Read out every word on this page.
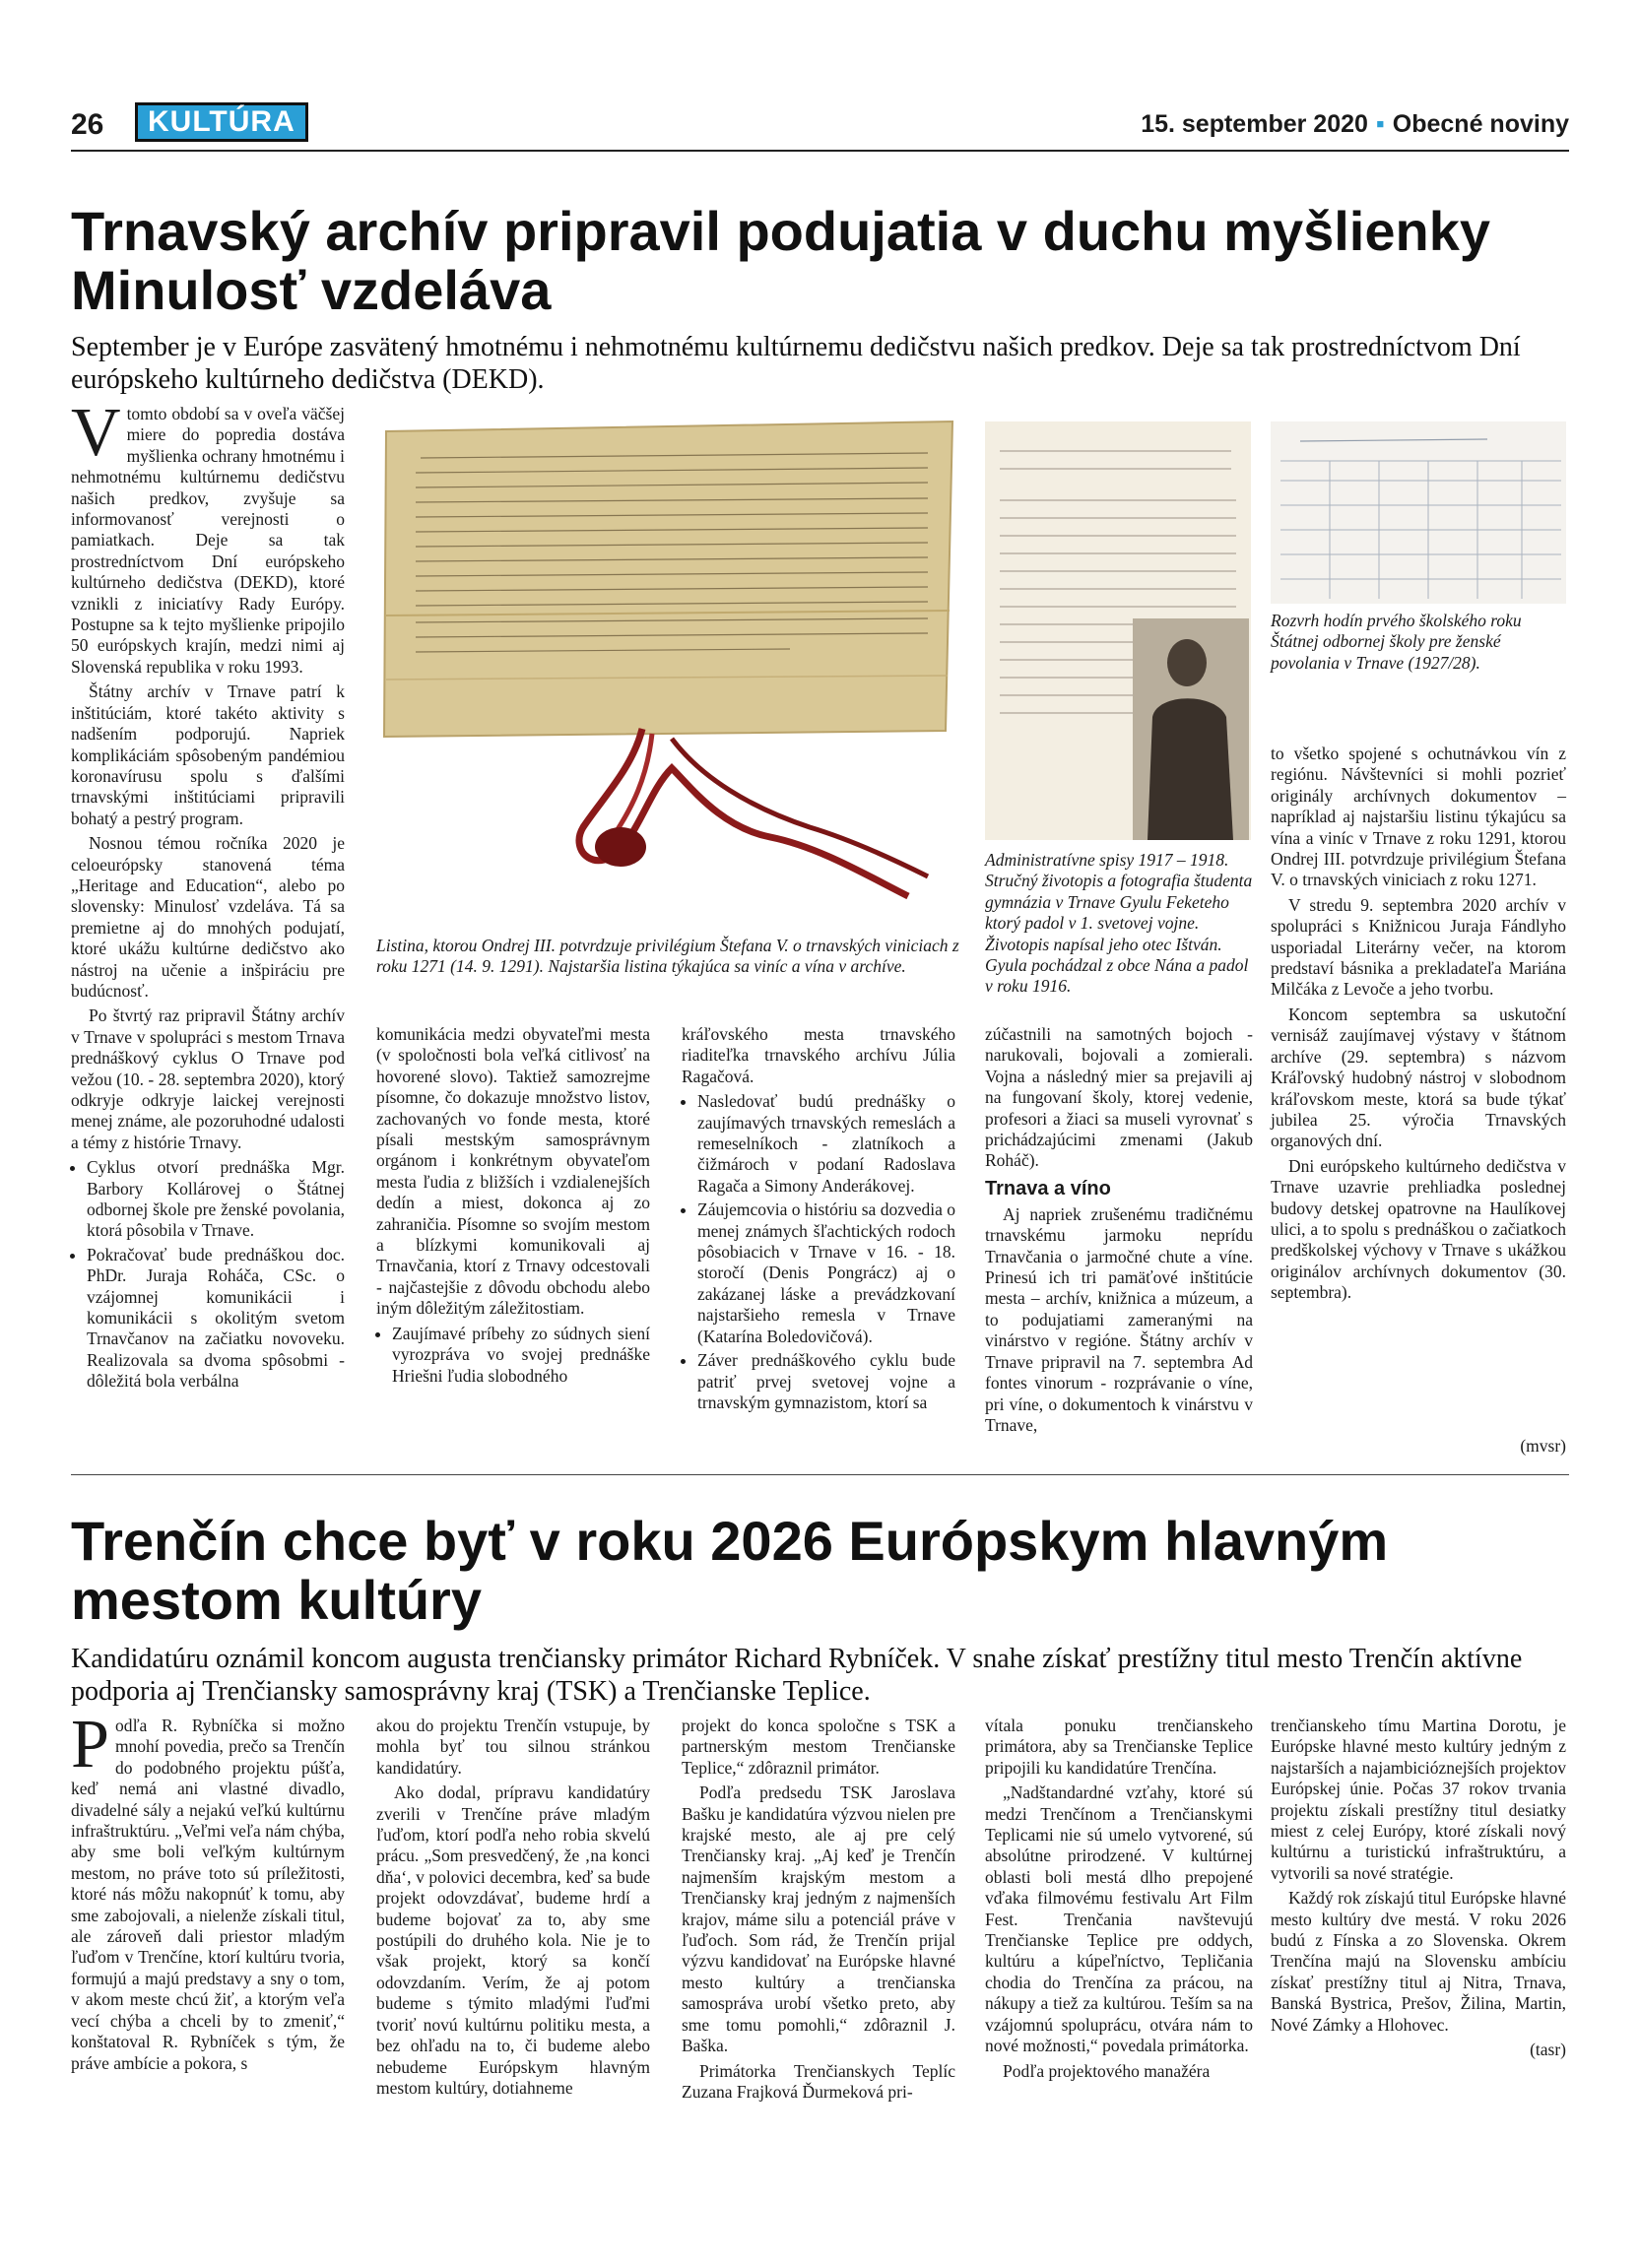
26	KULTÚRA	15. september 2020 ▪ Obecné noviny
Trnavský archív pripravil podujatia v duchu myšlienky
Minulosť vzdeláva
September je v Európe zasvätený hmotnému i nehmotnému kultúrnemu dedičstvu našich predkov. Deje sa tak prostredníctvom Dní európskeho kultúrneho dedičstva (DEKD).

Vtomto období sa v oveľa väčšej miere do popredia dostáva myšlienka ochrany hmotnému i nehmotnému kultúrnemu dedičstvu našich predkov, zvyšuje sa informovanosť verejnosti o pamiatkach. Deje sa tak prostredníctvom Dní európskeho kultúrneho dedičstva (DEKD), ktoré vznikli z iniciatívy Rady Európy. Postupne sa k tejto myšlienke pripojilo 50 európskych krajín, medzi nimi aj Slovenská republika v roku 1993.

Štátny archív v Trnave patrí k inštitúciám, ktoré takéto aktivity s nadšením podporujú. Napriek komplikáciám spôsobeným pandémiou koronavírusu spolu s ďalšími trnavskými inštitúciami pripravili bohatý a pestrý program.

Nosnou témou ročníka 2020 je celoeurópsky stanovená téma „Heritage and Education“, alebo po slovensky: Minulosť vzdeláva. Tá sa premietne aj do mnohých podujatí, ktoré ukážu kultúrne dedičstvo ako nástroj na učenie a inšpiráciu pre budúcnosť.

Po štvrtý raz pripravil Štátny archív v Trnave v spolupráci s mestom Trnava prednáškový cyklus O Trnave pod vežou (10. - 28. septembra 2020), ktorý odkryje odkryje laickej verejnosti menej známe, ale pozoruhodné udalosti a témy z histórie Trnavy.

• Cyklus otvorí prednáška Mgr. Barbory Kollárovej o Štátnej odbornej škole pre ženské povolania, ktorá pôsobila v Trnave.
• Pokračovať bude prednáškou doc. PhDr. Juraja Roháča, CSc. o vzájomnej komunikácii i komunikácii s okolitým svetom Trnavčanov na začiatku novoveku. Realizovala sa dvoma spôsobmi - dôležitá bola verbálna
Listina, ktorou Ondrej III. potvrdzuje privilégium Štefana V. o trnavských viniciach z roku 1271 (14. 9. 1291). Najstaršia listina týkajúca sa viníc a vína v archíve.
Administratívne spisy 1917 – 1918. Stručný životopis a fotografia študenta gymnázia v Trnave Gyulu Feketeho ktorý padol v 1. svetovej vojne. Životopis napísal jeho otec Ištván. Gyula pochádzal z obce Nána a padol v roku 1916.
Rozvrh hodín prvého školského roku Štátnej odbornej školy pre ženské povolania v Trnave (1927/28).

komunikácia medzi obyvateľmi mesta (v spoločnosti bola veľká citlivosť na hovorené slovo). Taktiež samozrejme písomne, čo dokazuje množstvo listov, zachovaných vo fonde mesta, ktoré písali mestským samosprávnym orgánom i konkrétnym obyvateľom mesta ľudia z bližších i vzdialenejších dedín a miest, dokonca aj zo zahraničia. Písomne so svojím mestom a blízkymi komunikovali aj Trnavčania, ktorí z Trnavy odcestovali - najčastejšie z dôvodu obchodu alebo iným dôležitým záležitostiam.

• Zaujímavé príbehy zo súdnych siení vyrozpráva vo svojej prednáške Hriešni ľudia slobodného

kráľovského mesta trnavského riaditeľka trnavského archívu Júlia Ragačová.

• Nasledovať budú prednášky o zaujímavých trnavských remeslách a remeselníkoch - zlatníkoch a čižmároch v podaní Radoslava Ragača a Simony Anderákovej.
• Záujemcovia o históriu sa dozvedia o menej známych šľachtických rodoch pôsobiacich v Trnave v 16. - 18. storočí (Denis Pongrácz) aj o zakázanej láske a prevádzkovaní najstaršieho remesla v Trnave (Katarína Boledovičová).
• Záver prednáškového cyklu bude patriť prvej svetovej vojne a trnavským gymnazistom, ktorí sa

zúčastnili na samotných bojoch - narukovali, bojovali a zomierali. Vojna a následný mier sa prejavili aj na fungovaní školy, ktorej vedenie, profesori a žiaci sa museli vyrovnať s prichádzajúcimi zmenami (Jakub Roháč).

Trnava a víno

Aj napriek zrušenému tradičnému trnavskému jarmoku neprídu Trnavčania o jarmočné chute a víne. Prinesú ich tri pamäťové inštitúcie mesta – archív, knižnica a múzeum, a to podujatiami zameranými na vinárstvo v regióne. Štátny archív v Trnave pripravil na 7. septembra Ad fontes vinorum - rozprávanie o víne, pri víne, o dokumentoch k vinárstvu v Trnave,

to všetko spojené s ochutnávkou vín z regiónu. Návštevníci si mohli pozrieť originály archívnych dokumentov – napríklad aj najstaršiu listinu týkajúcu sa vína a viníc v Trnave z roku 1291, ktorou Ondrej III. potvrdzuje privilégium Štefana V. o trnavských viniciach z roku 1271.

V stredu 9. septembra 2020 archív v spolupráci s Knižnicou Juraja Fándlyho usporiadal Literárny večer, na ktorom predstaví básnika a prekladateľa Mariána Milčáka z Levoče a jeho tvorbu.

Koncom septembra sa uskutoční vernisáž zaujímavej výstavy v štátnom archíve (29. septembra) s názvom Kráľovský hudobný nástroj v slobodnom kráľovskom meste, ktorá sa bude týkať jubilea 25. výročia Trnavských organových dní.

Dni európskeho kultúrneho dedičstva v Trnave uzavrie prehliadka poslednej budovy detskej opatrovne na Haulíkovej ulici, a to spolu s prednáškou o začiatkoch predškolskej výchovy v Trnave s ukážkou originálov archívnych dokumentov (30. septembra).

(mvsr)
Trenčín chce byť v roku 2026 Európskym hlavným
mestom kultúry
Kandidatúru oznámil koncom augusta trenčiansky primátor Richard Rybníček. V snahe získať prestížny titul mesto Trenčín aktívne podporia aj Trenčiansky samosprávny kraj (TSK) a Trenčianske Teplice.

Podľa R. Rybníčka si možno mnohí povedia, prečo sa Trenčín do podobného projektu púšťa, keď nemá ani vlastné divadlo, divadelné sály a nejakú veľkú kultúrnu infraštruktúru. „Veľmi veľa nám chýba, aby sme boli veľkým kultúrnym mestom, no práve toto sú príležitosti, ktoré nás môžu nakopnúť k tomu, aby sme zabojovali, a nielenže získali titul, ale zároveň dali priestor mladým ľuďom v Trenčíne, ktorí kultúru tvoria, formujú a majú predstavy a sny o tom, v akom meste chcú žiť, a ktorým veľa vecí chýba a chceli by to zmeniť,“ konštatoval R. Rybníček s tým, že práve ambície a pokora, s

akou do projektu Trenčín vstupuje, by mohla byť tou silnou stránkou kandidatúry.

Ako dodal, prípravu kandidatúry zverili v Trenčíne práve mladým ľuďom, ktorí podľa neho robia skvelú prácu. „Som presvedčený, že ‚na konci dňa‘, v polovici decembra, keď sa bude projekt odovzdávať, budeme hrdí a budeme bojovať za to, aby sme postúpili do druhého kola. Nie je to však projekt, ktorý sa končí odovzdaním. Verím, že aj potom budeme s týmito mladými ľuďmi tvoriť novú kultúrnu politiku mesta, a bez ohľadu na to, či budeme alebo nebudeme Európskym hlavným mestom kultúry, dotiahneme

projekt do konca spoločne s TSK a partnerským mestom Trenčianske Teplice,“ zdôraznil primátor.

Podľa predsedu TSK Jaroslava Bašku je kandidatúra výzvou nielen pre krajské mesto, ale aj pre celý Trenčiansky kraj. „Aj keď je Trenčín najmenším krajským mestom a Trenčiansky kraj jedným z najmenších krajov, máme silu a potenciál práve v ľuďoch. Som rád, že Trenčín prijal výzvu kandidovať na Európske hlavné mesto kultúry a trenčianska samospráva urobí všetko preto, aby sme tomu pomohli,“ zdôraznil J. Baška.

Primátorka Trenčianskych Teplíc Zuzana Frajková Ďurmeková pri-

vítala ponuku trenčianskeho primátora, aby sa Trenčianske Teplice pripojili ku kandidatúre Trenčína.

„Nadštandardné vzťahy, ktoré sú medzi Trenčínom a Trenčianskymi Teplicami nie sú umelo vytvorené, sú absolútne prirodzené. V kultúrnej oblasti boli mestá dlho prepojené vďaka filmovému festivalu Art Film Fest. Trenčania navštevujú Trenčianske Teplice pre oddych, kultúru a kúpeľníctvo, Tepličania chodia do Trenčína za prácou, na nákupy a tiež za kultúrou. Teším sa na vzájomnú spoluprácu, otvára nám to nové možnosti,“ povedala primátorka.

Podľa projektového manažéra

trenčianskeho tímu Martina Dorotu, je Európske hlavné mesto kultúry jedným z najstarších a najambicióznejších projektov Európskej únie. Počas 37 rokov trvania projektu získali prestížny titul desiatky miest z celej Európy, ktoré získali nový kultúrnu a turistickú infraštruktúru, a vytvorili sa nové stratégie.

Každý rok získajú titul Európske hlavné mesto kultúry dve mestá. V roku 2026 budú z Fínska a zo Slovenska. Okrem Trenčína majú na Slovensku ambíciu získať prestížny titul aj Nitra, Trnava, Banská Bystrica, Prešov, Žilina, Martin, Nové Zámky a Hlohovec.

(tasr)
